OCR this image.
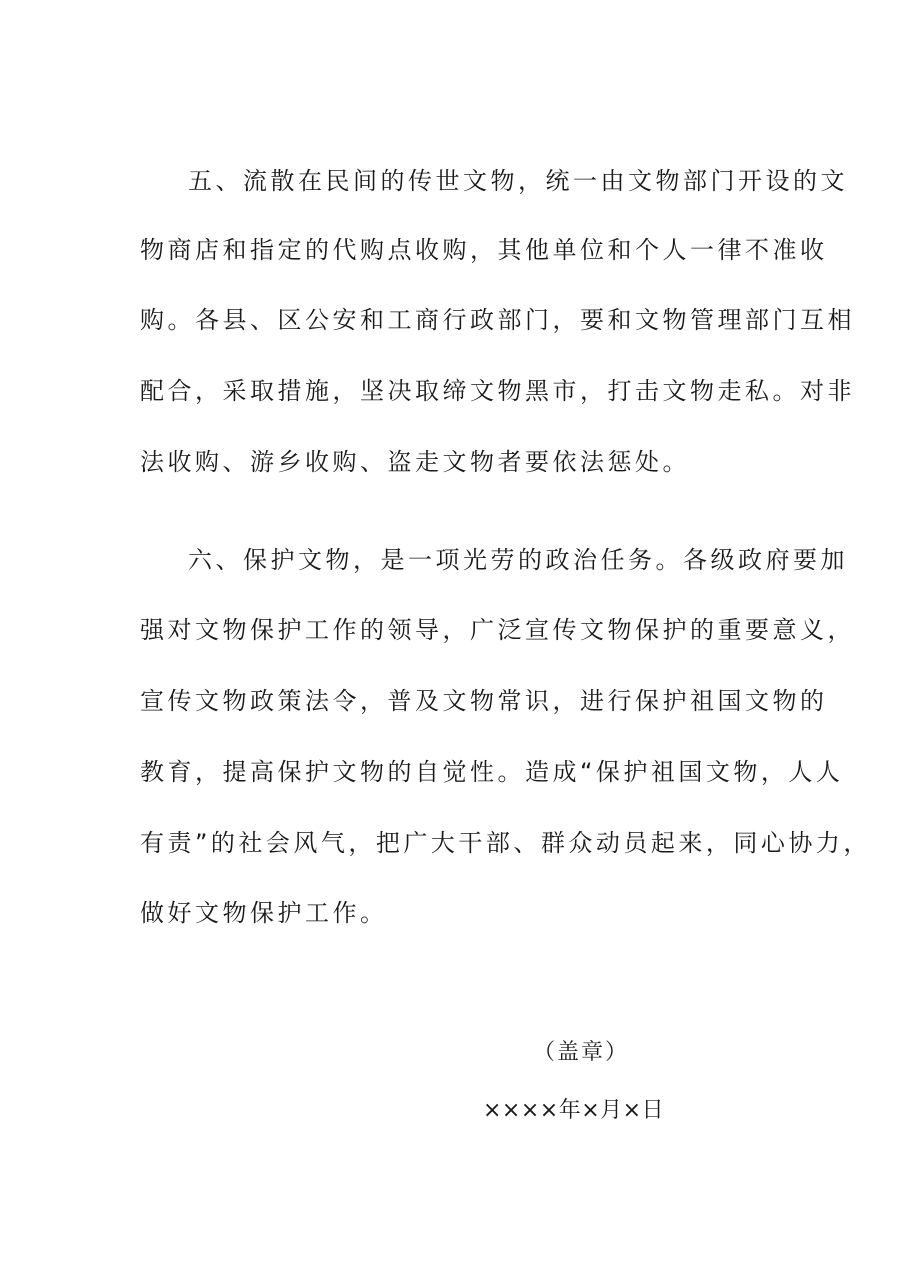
五、流散在民间的传世文物，统一由文物部门开设的文
物商店和指定的代购点收购，其他单位和个人一律不准收
购。各县、区公安和工商行政部门，要和文物管理部门互相
配合，采取措施，坚决取缔文物黑市，打击文物走私。对非
法收购、游乡收购、盗走文物者要依法惩处。
六、保护文物，是一项光劳的政治任务。各级政府要加
强对文物保护工作的领导，广泛宣传文物保护的重要意义，
宣传文物政策法令，普及文物常识，进行保护祖国文物的
教育，提高保护文物的自觉性。造成“保护祖国文物，人人
有责”的社会风气，把广大干部、群众动员起来，同心协力，
做好文物保护工作。
（盖章）
××××年×月×日
